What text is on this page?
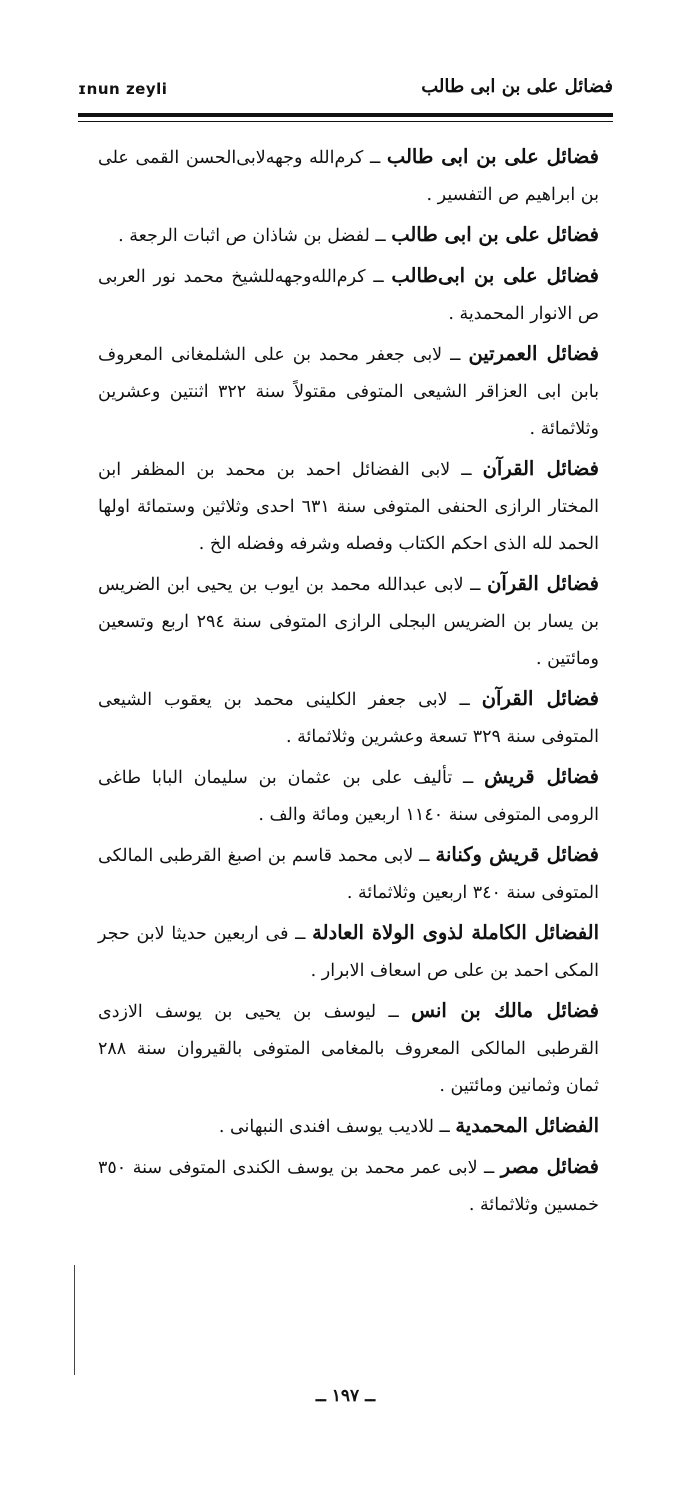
ɪnun zeyli	فضائل علی بن ابی طالب

فضائل علی بن ابی طالب ــ کرم‌الله وجهه‌لابی‌الحسن القمی علی بن ابراهیم ص التفسیر .

فضائل علی بن ابی طالب ــ لفضل بن شاذان ص اثبات الرجعة .

فضائل علی بن ابی‌طالب ــ کرم‌الله‌وجهه‌للشیخ محمد نور العربی ص الانوار المحمدیة .

فضائل العمرتین ــ لابی جعفر محمد بن علی الشلمغانی المعروف بابن ابی العزاقر الشیعی المتوفی مقتولاً سنة ٣٢٢ اثنتین وعشرین وثلاثمائة .

فضائل القرآن ــ لابی الفضائل احمد بن محمد بن المظفر ابن المختار الرازی الحنفی المتوفی سنة ٦٣١ احدی وثلاثین وستمائة اولها الحمد لله الذی احکم الکتاب وفصله وشرفه وفضله الخ .

فضائل القرآن ــ لابی عبدالله محمد بن ایوب بن یحیی ابن الضریس بن یسار بن الضریس البجلی الرازی المتوفی سنة ٢٩٤ اربع وتسعین ومائتین .

فضائل القرآن ــ لابی جعفر الکلینی محمد بن یعقوب الشیعی المتوفی سنة ٣٢٩ تسعة وعشرین وثلاثمائة .

فضائل قریش ــ تألیف علی بن عثمان بن سلیمان البابا طاغی الرومی المتوفی سنة ١١٤٠ اربعین ومائة والف .

فضائل قریش وکنانة ــ لابی محمد قاسم بن اصبغ القرطبی المالکی المتوفی سنة ٣٤٠ اربعین وثلاثمائة .

الفضائل الکاملة لذوی الولاة العادلة ــ فی اربعین حدیثا لابن حجر المکی احمد بن علی ص اسعاف الابرار .

فضائل مالك بن انس ــ لیوسف بن یحیی بن یوسف الازدی القرطبی المالکی المعروف بالمغامی المتوفی بالقیروان سنة ٢٨٨ ثمان وثمانین ومائتین .

الفضائل المحمدیة ــ للادیب یوسف افندی النبهانی .

فضائل مصر ــ لابی عمر محمد بن یوسف الکندی المتوفی سنة ٣٥٠ خمسین وثلاثمائة .

ــ ١٩٧ ــ
